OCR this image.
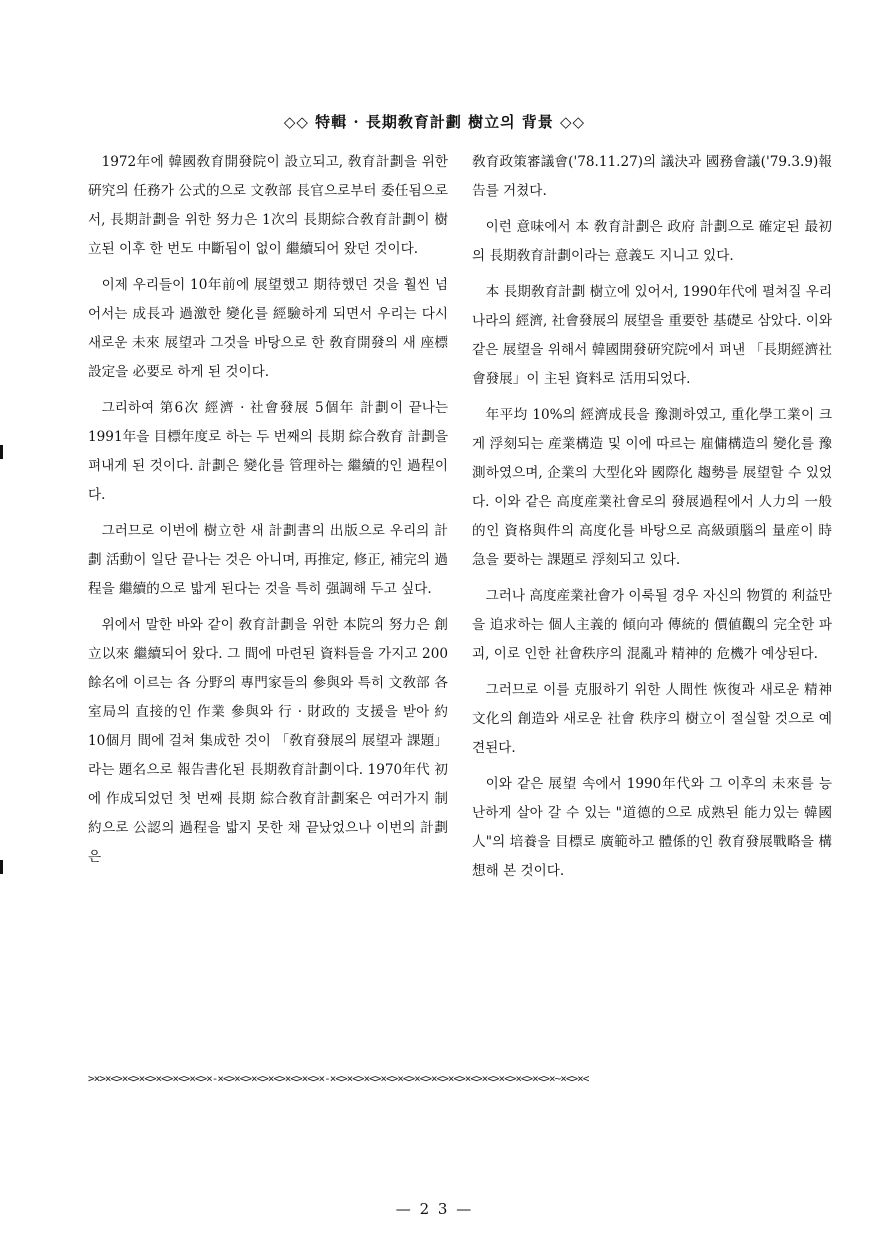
◇◇ 特輯 · 長期敎育計劃 樹立의 背景 ◇◇

1972年에 韓國敎育開發院이 設立되고, 敎育計劃을 위한 硏究의 任務가 公式的으로 文敎部 長官으로부터 委任됨으로서, 長期計劃을 위한 努力은 1次의 長期綜合敎育計劃이 樹立된 이후 한 번도 中斷됨이 없이 繼續되어 왔던 것이다.

이제 우리들이 10年前에 展望했고 期待했던 것을 훨씬 넘어서는 成長과 過激한 變化를 經驗하게 되면서 우리는 다시 새로운 未來 展望과 그것을 바탕으로 한 敎育開發의 새 座標設定을 必要로 하게 된 것이다.

그리하여 第6次 經濟 · 社會發展 5個年 計劃이 끝나는 1991年을 目標年度로 하는 두 번째의 長期 綜合敎育 計劃을 펴내게 된 것이다. 計劃은 變化를 管理하는 繼續的인 過程이다.

그러므로 이번에 樹立한 새 計劃書의 出版으로 우리의 計劃 活動이 일단 끝나는 것은 아니며, 再推定, 修正, 補完의 過程을 繼續的으로 밟게 된다는 것을 특히 强調해 두고 싶다.

위에서 말한 바와 같이 敎育計劃을 위한 本院의 努力은 創立以來 繼續되어 왔다. 그 間에 마련된 資料들을 가지고 200餘名에 이르는 各 分野의 專門家들의 參與와 특히 文敎部 各 室局의 直接的인 作業 參與와 行 · 財政的 支援을 받아 約 10個月 間에 걸쳐 集成한 것이 「敎育發展의 展望과 課題」라는 題名으로 報告書化된 長期敎育計劃이다. 1970年代 初에 作成되었던 첫 번째 長期 綜合敎育計劃案은 여러가지 制約으로 公認의 過程을 밟지 못한 채 끝났었으나 이번의 計劃은

敎育政策審議會('78.11.27)의 議決과 國務會議('79.3.9)報告를 거쳤다.

이런 意味에서 本 敎育計劃은 政府 計劃으로 確定된 最初의 長期敎育計劃이라는 意義도 지니고 있다.

本 長期敎育計劃 樹立에 있어서, 1990年代에 펼쳐질 우리 나라의 經濟, 社會發展의 展望을 重要한 基礎로 삼았다. 이와 같은 展望을 위해서 韓國開發硏究院에서 펴낸 「長期經濟社會發展」이 主된 資料로 活用되었다.

年平均 10%의 經濟成長을 豫測하였고, 重化學工業이 크게 浮刻되는 産業構造 및 이에 따르는 雇傭構造의 變化를 豫測하였으며, 企業의 大型化와 國際化 趨勢를 展望할 수 있었다. 이와 같은 高度産業社會로의 發展過程에서 人力의 一般的인 資格與件의 高度化를 바탕으로 高級頭腦의 量産이 時急을 要하는 課題로 浮刻되고 있다.

그러나 高度産業社會가 이룩될 경우 자신의 物質的 利益만을 追求하는 個人主義的 傾向과 傳統的 價値觀의 完全한 파괴, 이로 인한 社會秩序의 混亂과 精神的 危機가 예상된다.

그러므로 이를 克服하기 위한 人間性 恢復과 새로운 精神文化의 創造와 새로운 社會 秩序의 樹立이 절실할 것으로 예견된다.

이와 같은 展望 속에서 1990年代와 그 이후의 未來를 능난하게 살아 갈 수 있는 "道德的으로 成熟된 能力있는 韓國人"의 培養을 目標로 廣範하고 體係的인 敎育發展戰略을 構想해 본 것이다.

>×>×<>×<>×<>×<>×<>×<>×-×<>×<>×<>×<>×<>×<>×-×<>×<>×<>×<>×<>×<>×<>×<>×<>×<>×<>×<>×<>×~×<>×<
— 2 3 —
